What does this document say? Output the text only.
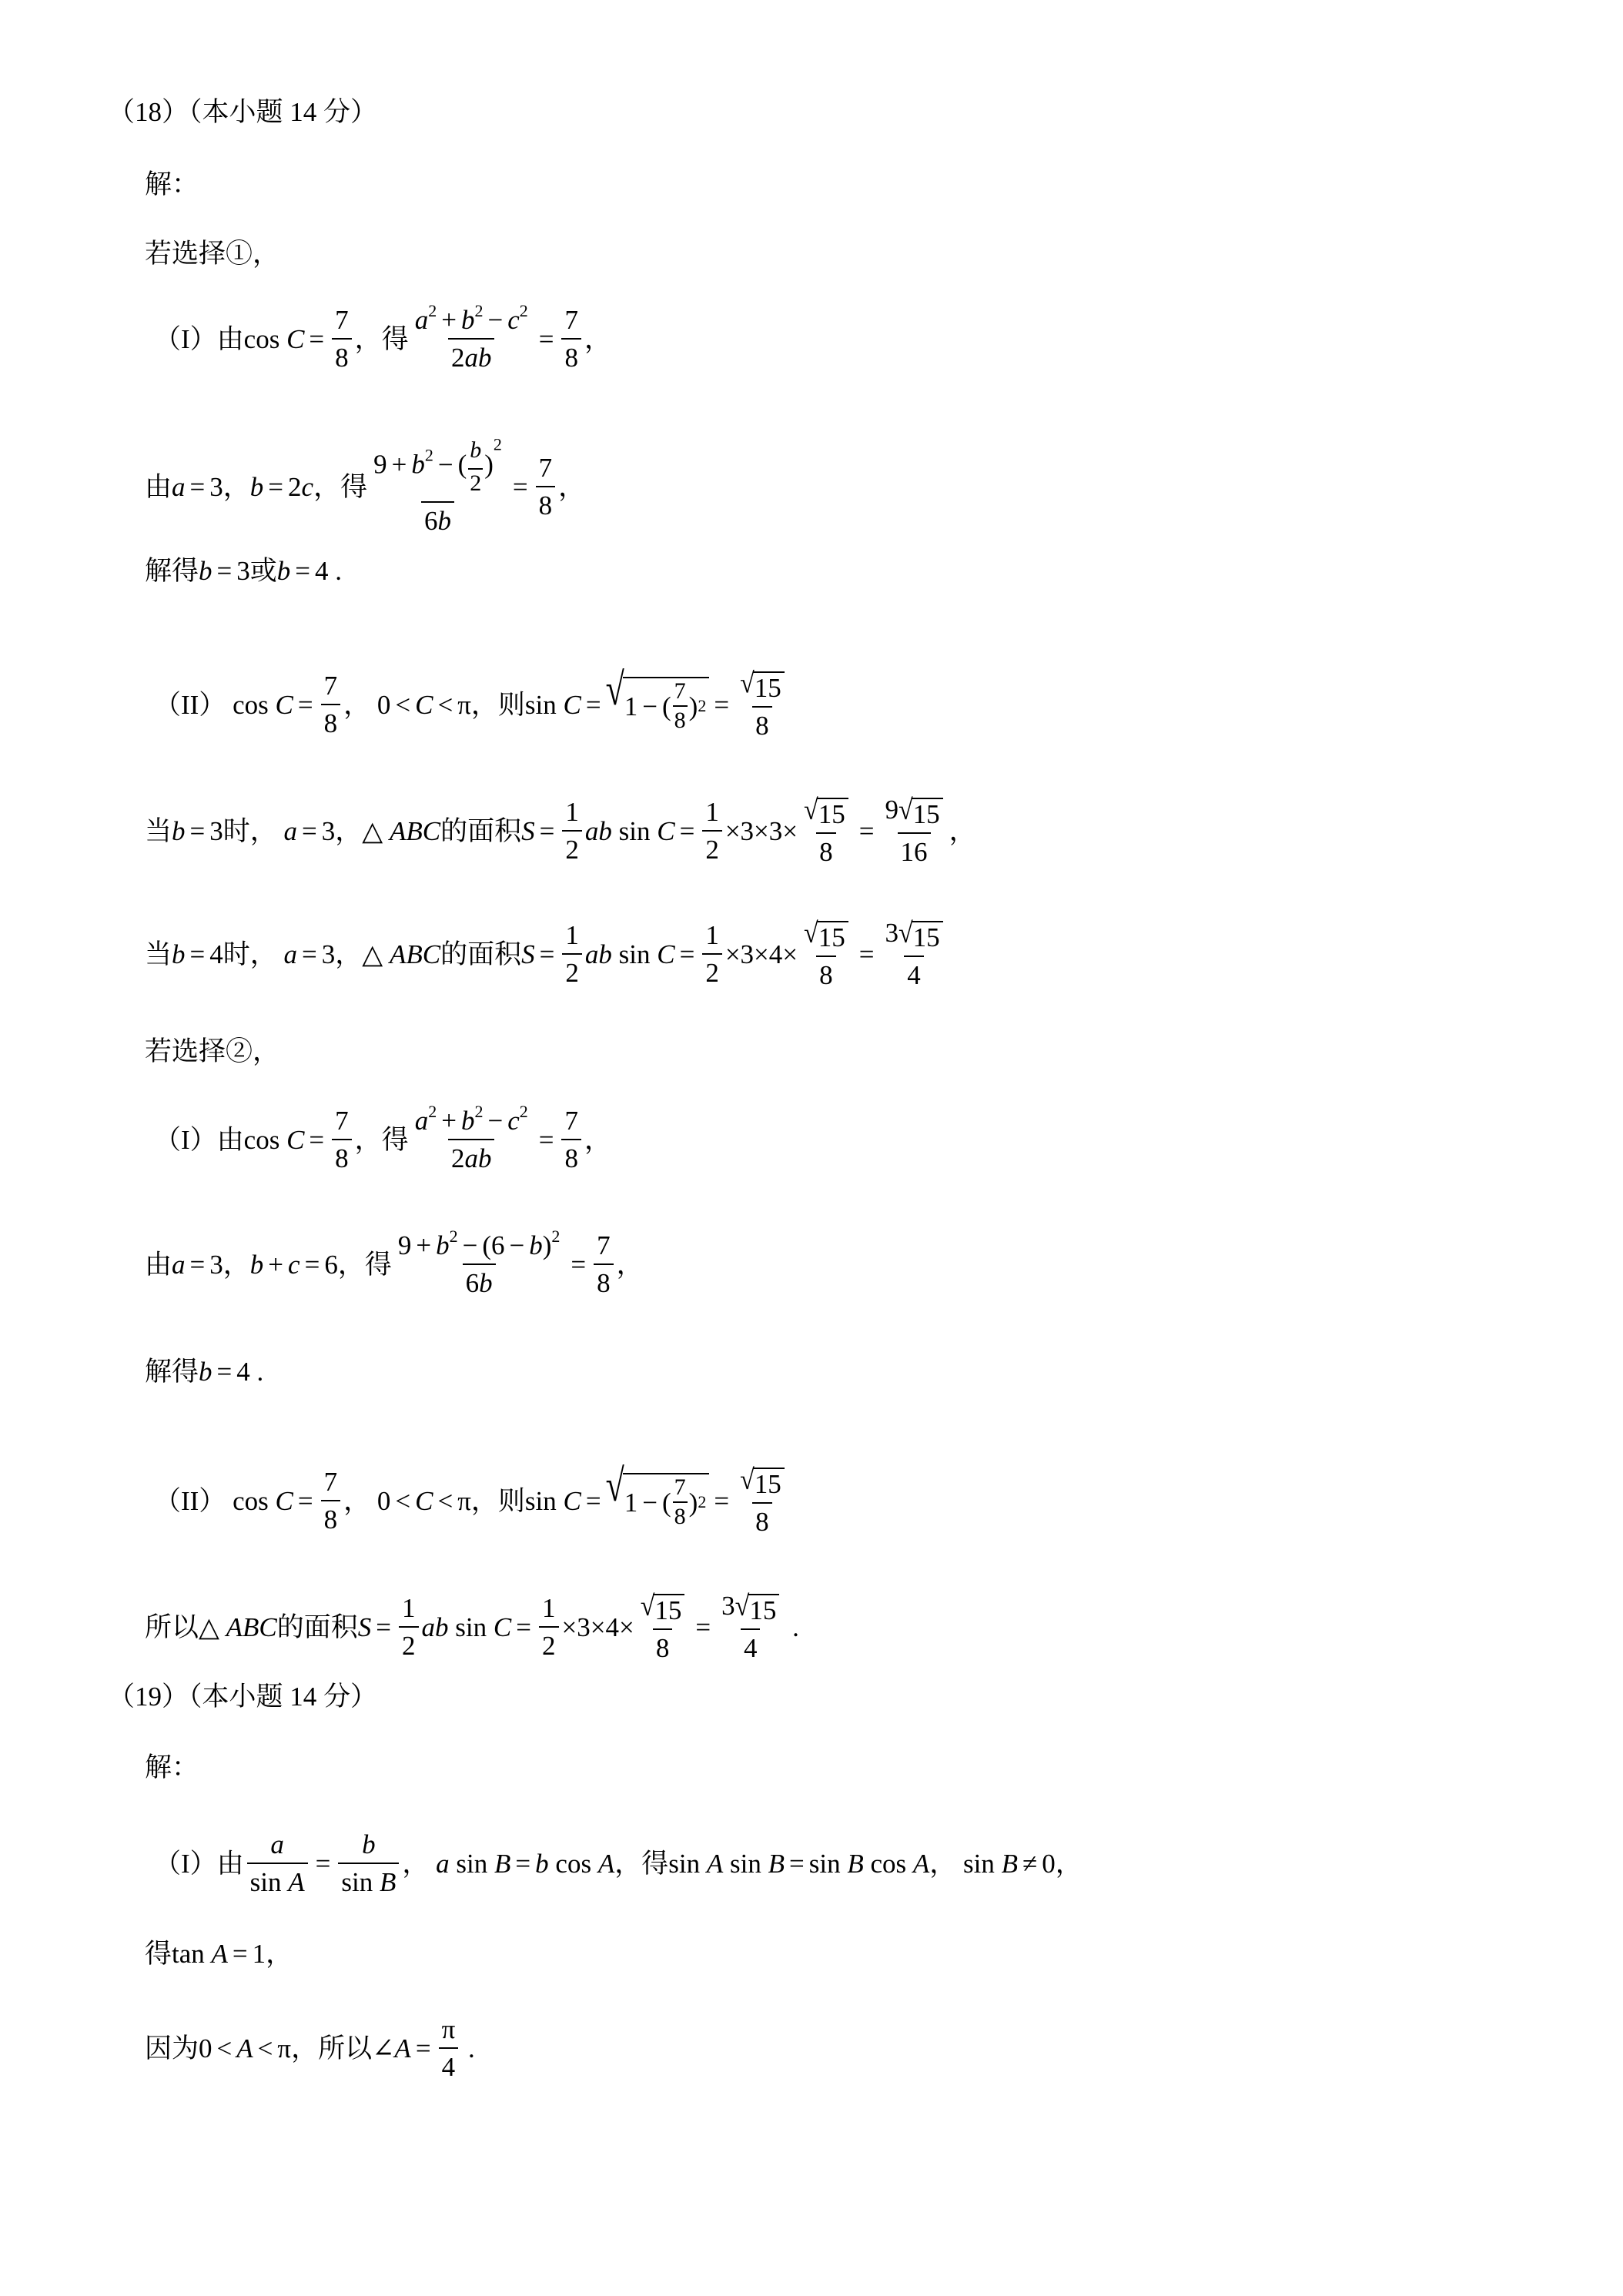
（18）（本小题 14 分）
解：
若选择①，
（I）由 $\cos C = \frac{7}{8}$ ，得 $\frac{a^2 + b^2 - c^2}{2ab} = \frac{7}{8}$ ，
由 a = 3 ， b = 2 c ，得 $\frac{9 + b^2 - ( \frac{b}{2} )^2}{6b} = \frac{7}{8}$ ，
解得 b = 3 或 b = 4
.
（II） $\cos C = \frac{7}{8}$ ， 0 < C < π ，则 sin C = √ 1 − ( $\frac{7}{8}$ ) $2 = \frac{√ 15}{8}$
当 b = 3 时， a = 3 ， △ ABC 的面积 $S = \frac{1}{2}$ ab $\sin C = \frac{1}{2} \times 3\times 3\times \frac{√ 15}{8} = \frac{9 √ 15}{16}$ ，
当 b = 4 时， a = 3 ， △ ABC 的面积 $S = \frac{1}{2}$ ab $\sin C = \frac{1}{2} \times 3\times 4\times \frac{√ 15}{8} = \frac{3 √ 15}{4}$
若选择②，
（I）由 $\cos C = \frac{7}{8}$ ，得 $\frac{a^2 + b^2 - c^2}{2ab} = \frac{7}{8}$ ，
由 a = 3 ， b + c = 6 ，得 $\frac{9 + b^2 - (6 - b)^2}{6b} = \frac{7}{8}$ ，
解得 b = 4
.
（II） $\cos C = \frac{7}{8}$ ， 0 < C < π ，则 sin C = √ 1 − ( $\frac{7}{8}$ ) $2 = \frac{√ 15}{8}$
所以△ ABC 的面积 $S = \frac{1}{2}$ ab $\sin C = \frac{1}{2} \times 3\times 4\times \frac{√ 15}{8} = \frac{3 √ 15}{4}$
.
（19）（本小题 14 分）
解：
（I）由 $\frac{a}{\text{sin A}} = \frac{b}{\text{sin B}}$ ， a sin B = b cos A ，得 sin A sin B = sin B cos A ， sin B ≠ 0 ，
得 tan A = 1 ，
因为 0 < A < π ，所以 ∠ $A = \frac{\pi}{4}$
.
